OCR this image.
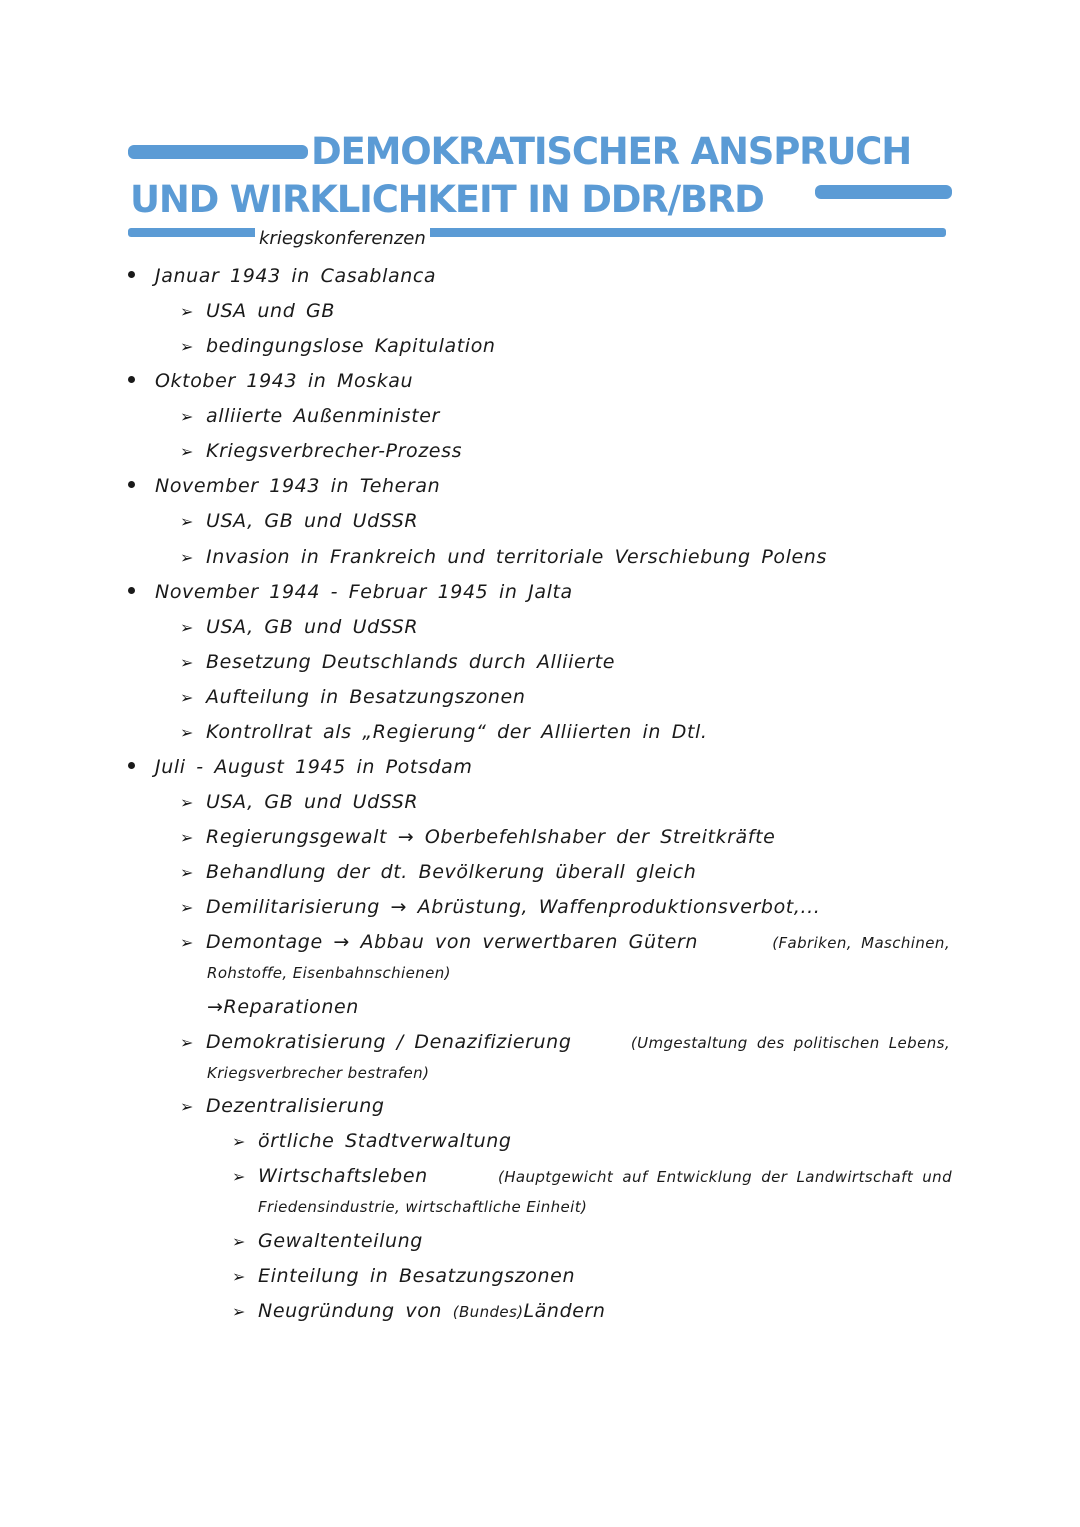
DEMOKRATISCHER ANSPRUCH
UND WIRKLICHKEIT IN DDR/BRD
kriegskonferenzen
Januar 1943 in Casablanca
➢ USA und GB
➢ bedingungslose Kapitulation
Oktober 1943 in Moskau
➢ alliierte Außenminister
➢ Kriegsverbrecher-Prozess
November 1943 in Teheran
➢ USA, GB und UdSSR
➢ Invasion in Frankreich und territoriale Verschiebung Polens
November 1944 - Februar 1945 in Jalta
➢ USA, GB und UdSSR
➢ Besetzung Deutschlands durch Alliierte
➢ Aufteilung in Besatzungszonen
➢ Kontrollrat als „Regierung“ der Alliierten in Dtl.
Juli - August 1945 in Potsdam
➢ USA, GB und UdSSR
➢ Regierungsgewalt → Oberbefehlshaber der Streitkräfte
➢ Behandlung der dt. Bevölkerung überall gleich
➢ Demilitarisierung → Abrüstung, Waffenproduktionsverbot,...
➢ Demontage → Abbau von verwertbaren Gütern	(Fabriken, Maschinen,
Rohstoffe, Eisenbahnschienen)
→Reparationen
➢ Demokratisierung / Denazifizierung	(Umgestaltung des politischen Lebens,
Kriegsverbrecher bestrafen)
➢ Dezentralisierung
➢ örtliche Stadtverwaltung
➢ Wirtschaftsleben	(Hauptgewicht auf Entwicklung der Landwirtschaft und
Friedensindustrie, wirtschaftliche Einheit)
➢ Gewaltenteilung
➢ Einteilung in Besatzungszonen
➢ Neugründung von (Bundes)Ländern
